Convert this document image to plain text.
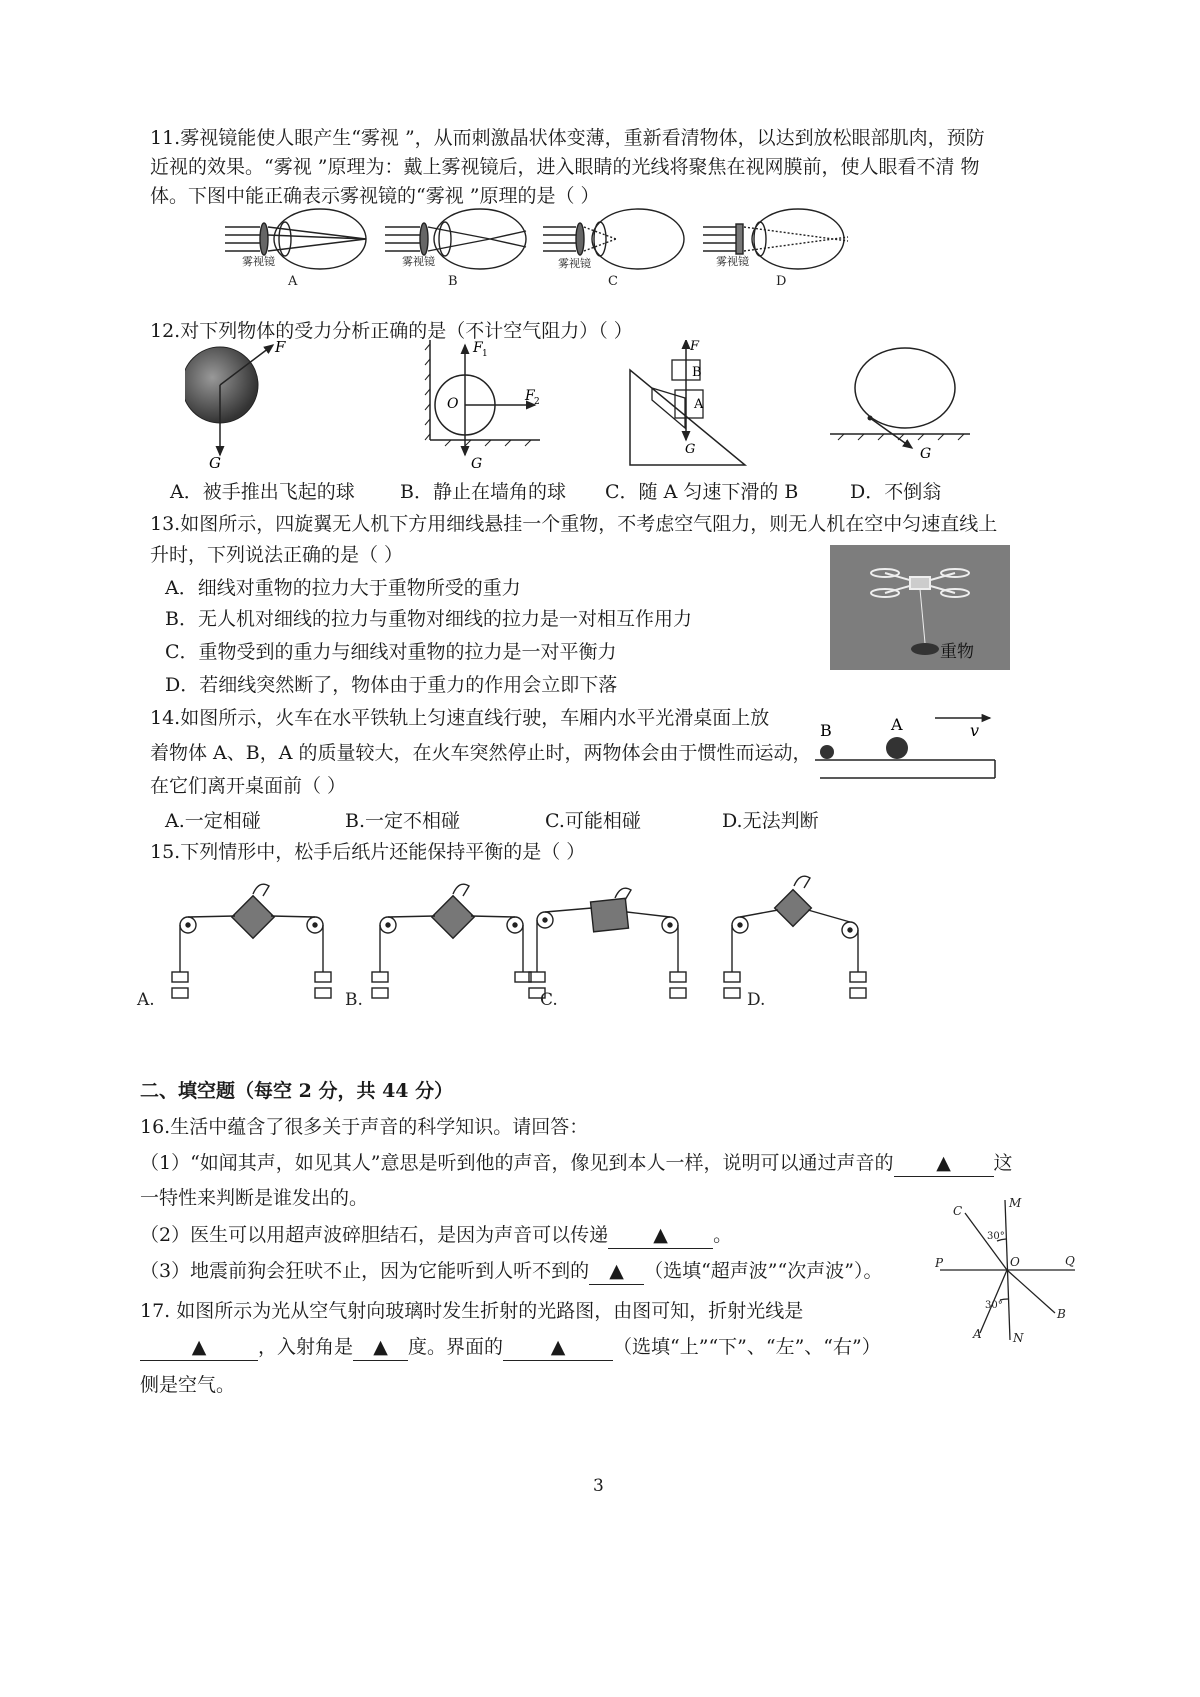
11.雾视镜能使人眼产生“雾视 ”，从而刺激晶状体变薄，重新看清物体，以达到放松眼部肌肉，预防
近视的效果。“雾视 ”原理为：戴上雾视镜后，进入眼睛的光线将聚焦在视网膜前，使人眼看不清 物
体。下图中能正确表示雾视镜的“雾视 ”原理的是（ ）
雾视镜	雾视镜	雾视镜	雾视镜
A	B	C	D
12.对下列物体的受力分析正确的是（不计空气阻力）（ ）
F
G
O
F 1
F 2
G
F
B
A
G	G
A．被手推出飞起的球 B．静止在墙角的球 C．随 A 匀速下滑的 B	D．不倒翁
13.如图所示，四旋翼无人机下方用细线悬挂一个重物，不考虑空气阻力，则无人机在空中匀速直线上
升时，下列说法正确的是（ ）
A．细线对重物的拉力大于重物所受的重力
B．无人机对细线的拉力与重物对细线的拉力是一对相互作用力
C．重物受到的重力与细线对重物的拉力是一对平衡力
D．若细线突然断了，物体由于重力的作用会立即下落
重物
14.如图所示，火车在水平铁轨上匀速直线行驶，车厢内水平光滑桌面上放
着物体 A、B，A 的质量较大，在火车突然停止时，两物体会由于惯性而运动，
在它们离开桌面前（ ）
v
B	A
A.一定相碰	B.一定不相碰	C.可能相碰	D.无法判断
15.下列情形中，松手后纸片还能保持平衡的是（ ）
A.	B.	C.	D.
二、填空题（每空 2 分，共 44 分）
16.生活中蕴含了很多关于声音的科学知识。请回答：
（1）“如闻其声，如见其人”意思是听到他的声音，像见到本人一样，说明可以通过声音的 ▲ 这
一特性来判断是谁发出的。
（2）医生可以用超声波碎胆结石，是因为声音可以传递 ▲ 。
（3）地震前狗会狂吠不止，因为它能听到人听不到的 ▲ （选填“超声波”“次声波”）。
17. 如图所示为光从空气射向玻璃时发生折射的光路图，由图可知，折射光线是
▲	，入射角是 ▲ 度。界面的	▲	（选填“上”“下”、“左”、“右”）
侧是空气。
C
M
P	O	Q
B
A	N
30°
30°
3
